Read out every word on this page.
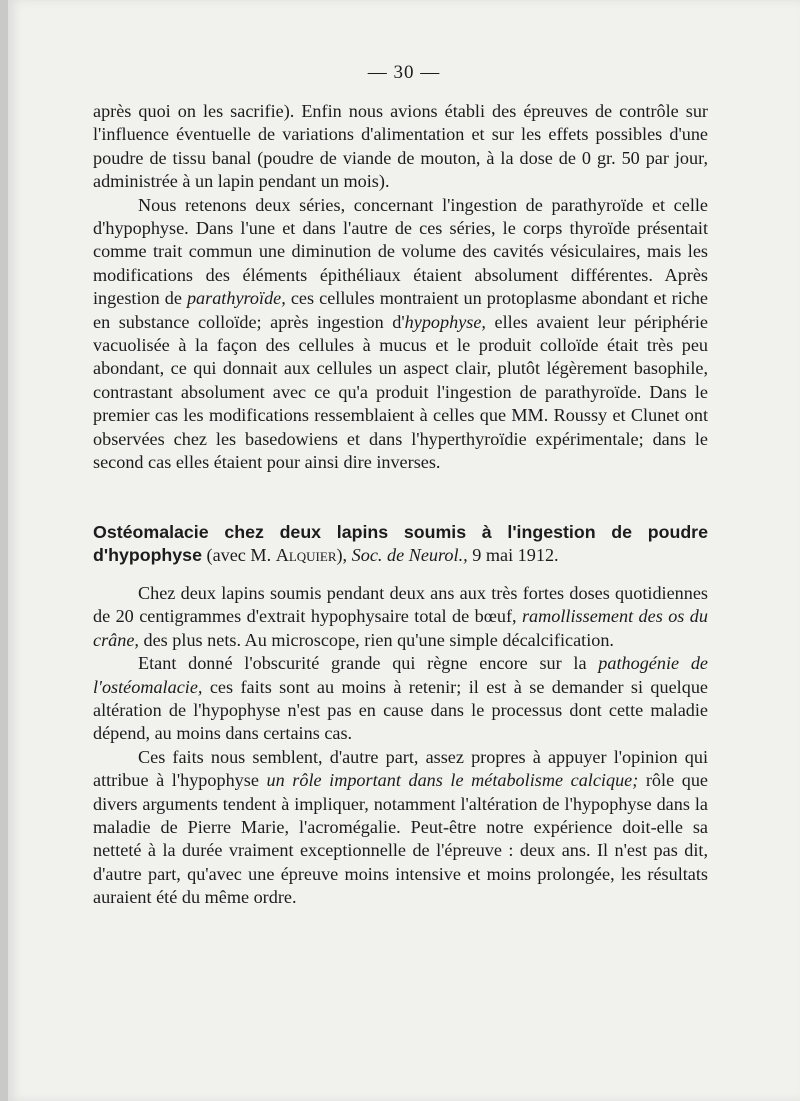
— 30 —

après quoi on les sacrifie). Enfin nous avions établi des épreuves de contrôle sur l'influence éventuelle de variations d'alimentation et sur les effets possibles d'une poudre de tissu banal (poudre de viande de mouton, à la dose de 0 gr. 50 par jour, administrée à un lapin pendant un mois).

Nous retenons deux séries, concernant l'ingestion de parathyroïde et celle d'hypophyse. Dans l'une et dans l'autre de ces séries, le corps thyroïde présentait comme trait commun une diminution de volume des cavités vésiculaires, mais les modifications des éléments épithéliaux étaient absolument différentes. Après ingestion de parathyroïde, ces cellules montraient un protoplasme abondant et riche en substance colloïde; après ingestion d'hypophyse, elles avaient leur périphérie vacuolisée à la façon des cellules à mucus et le produit colloïde était très peu abondant, ce qui donnait aux cellules un aspect clair, plutôt légèrement basophile, contrastant absolument avec ce qu'a produit l'ingestion de parathyroïde. Dans le premier cas les modifications ressemblaient à celles que MM. Roussy et Clunet ont observées chez les basedowiens et dans l'hyperthyroïdie expérimentale; dans le second cas elles étaient pour ainsi dire inverses.

Ostéomalacie chez deux lapins soumis à l'ingestion de poudre d'hypophyse (avec M. Alquier), Soc. de Neurol., 9 mai 1912.

Chez deux lapins soumis pendant deux ans aux très fortes doses quotidiennes de 20 centigrammes d'extrait hypophysaire total de bœuf, ramollissement des os du crâne, des plus nets. Au microscope, rien qu'une simple décalcification.

Etant donné l'obscurité grande qui règne encore sur la pathogénie de l'ostéomalacie, ces faits sont au moins à retenir; il est à se demander si quelque altération de l'hypophyse n'est pas en cause dans le processus dont cette maladie dépend, au moins dans certains cas.

Ces faits nous semblent, d'autre part, assez propres à appuyer l'opinion qui attribue à l'hypophyse un rôle important dans le métabolisme calcique; rôle que divers arguments tendent à impliquer, notamment l'altération de l'hypophyse dans la maladie de Pierre Marie, l'acromégalie. Peut-être notre expérience doit-elle sa netteté à la durée vraiment exceptionnelle de l'épreuve : deux ans. Il n'est pas dit, d'autre part, qu'avec une épreuve moins intensive et moins prolongée, les résultats auraient été du même ordre.
